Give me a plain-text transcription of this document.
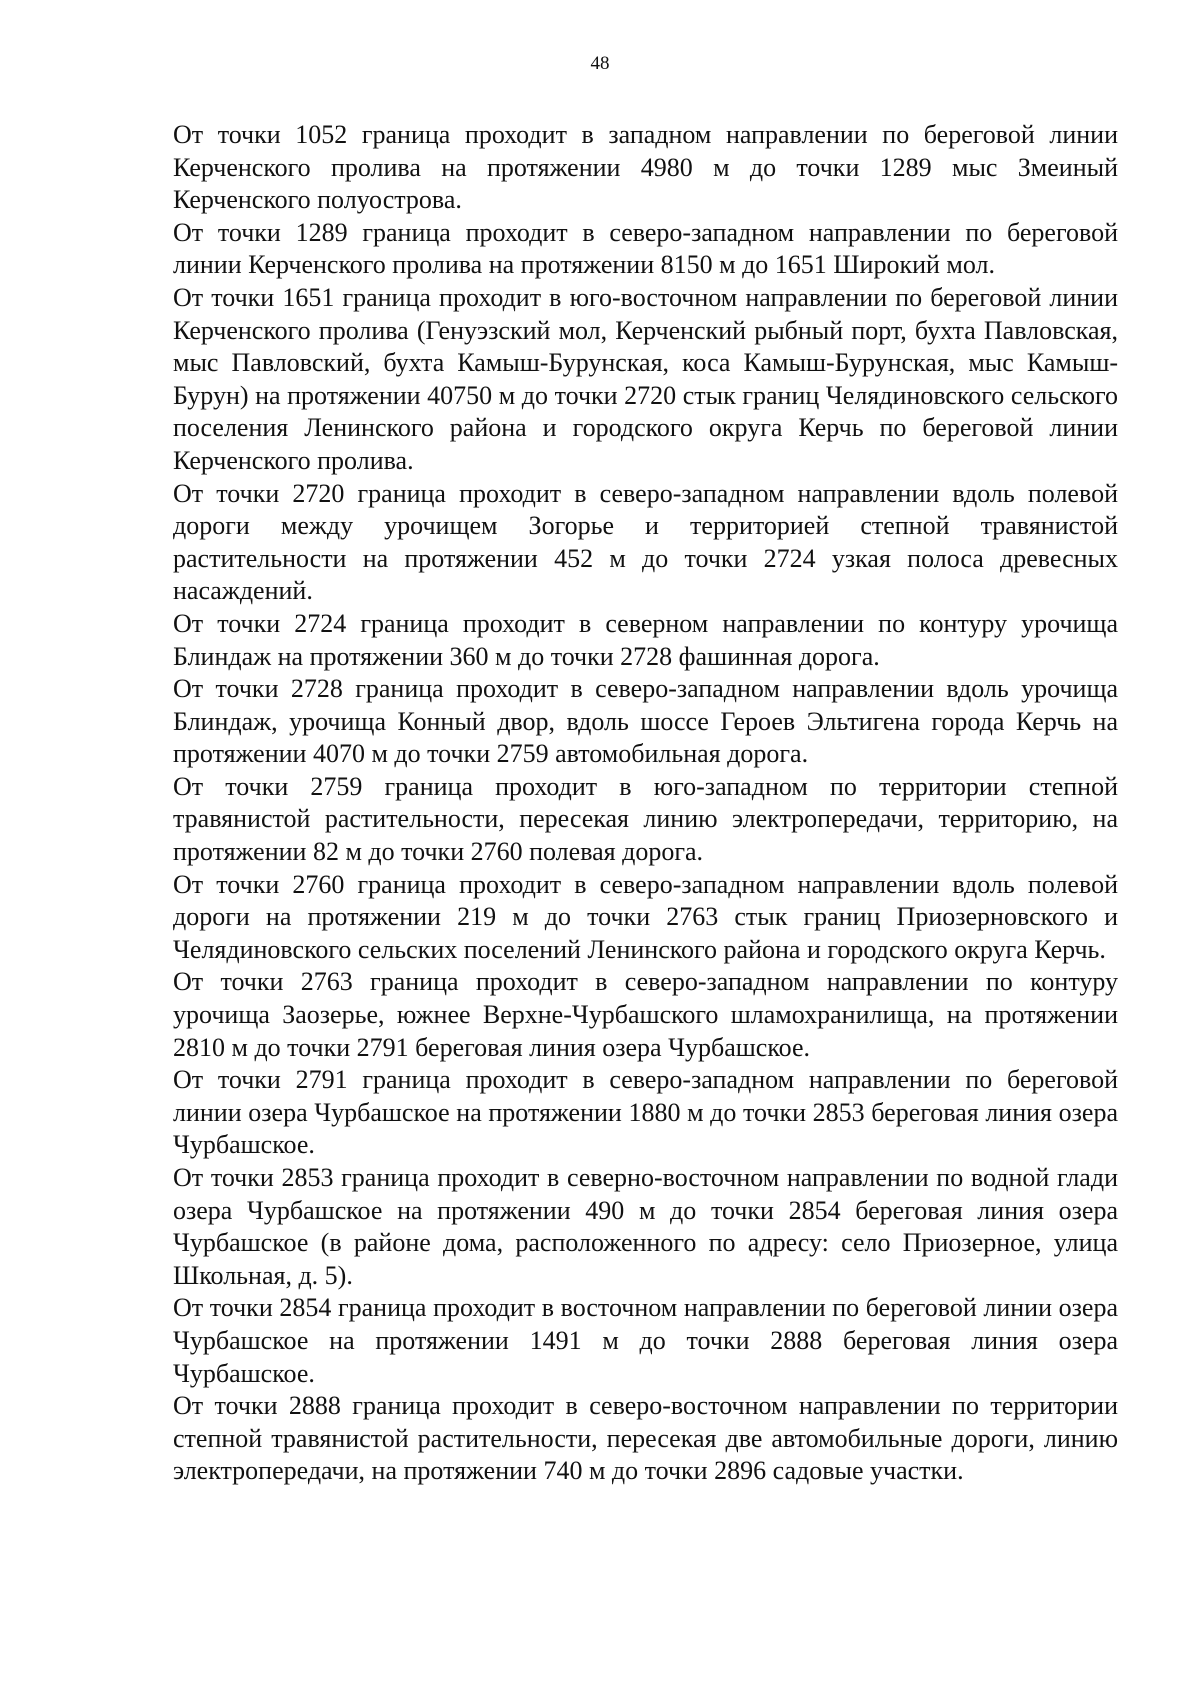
48

От точки 1052 граница проходит в западном направлении по береговой линии Керченского пролива на протяжении 4980 м до точки 1289 мыс Змеиный Керченского полуострова.

От точки 1289 граница проходит в северо-западном направлении по береговой линии Керченского пролива на протяжении 8150 м до 1651 Широкий мол.

От точки 1651 граница проходит в юго-восточном направлении по береговой линии Керченского пролива (Генуэзский мол, Керченский рыбный порт, бухта Павловская, мыс Павловский, бухта Камыш-Бурунская, коса Камыш-Бурунская, мыс Камыш-Бурун) на протяжении 40750 м до точки 2720 стык границ Челядиновского сельского поселения Ленинского района и городского округа Керчь по береговой линии Керченского пролива.

От точки 2720 граница проходит в северо-западном направлении вдоль полевой дороги между урочищем Зогорье и территорией степной травянистой растительности на протяжении 452 м до точки 2724 узкая полоса древесных насаждений.

От точки 2724 граница проходит в северном направлении по контуру урочища Блиндаж на протяжении 360 м до точки 2728 фашинная дорога.

От точки 2728 граница проходит в северо-западном направлении вдоль урочища Блиндаж, урочища Конный двор, вдоль шоссе Героев Эльтигена города Керчь на протяжении 4070 м до точки 2759 автомобильная дорога.

От точки 2759 граница проходит в юго-западном по территории степной травянистой растительности, пересекая линию электропередачи, территорию, на протяжении 82 м до точки 2760 полевая дорога.

От точки 2760 граница проходит в северо-западном направлении вдоль полевой дороги на протяжении 219 м до точки 2763 стык границ Приозерновского и Челядиновского сельских поселений Ленинского района и городского округа Керчь.

От точки 2763 граница проходит в северо-западном направлении по контуру урочища Заозерье, южнее Верхне-Чурбашского шламохранилища, на протяжении 2810 м до точки 2791 береговая линия озера Чурбашское.

От точки 2791 граница проходит в северо-западном направлении по береговой линии озера Чурбашское на протяжении 1880 м до точки 2853 береговая линия озера Чурбашское.

От точки 2853 граница проходит в северно-восточном направлении по водной глади озера Чурбашское на протяжении 490 м до точки 2854 береговая линия озера Чурбашское (в районе дома, расположенного по адресу: село Приозерное, улица Школьная, д. 5).

От точки 2854 граница проходит в восточном направлении по береговой линии озера Чурбашское на протяжении 1491 м до точки 2888 береговая линия озера Чурбашское.

От точки 2888 граница проходит в северо-восточном направлении по территории степной травянистой растительности, пересекая две автомобильные дороги, линию электропередачи, на протяжении 740 м до точки 2896 садовые участки.
